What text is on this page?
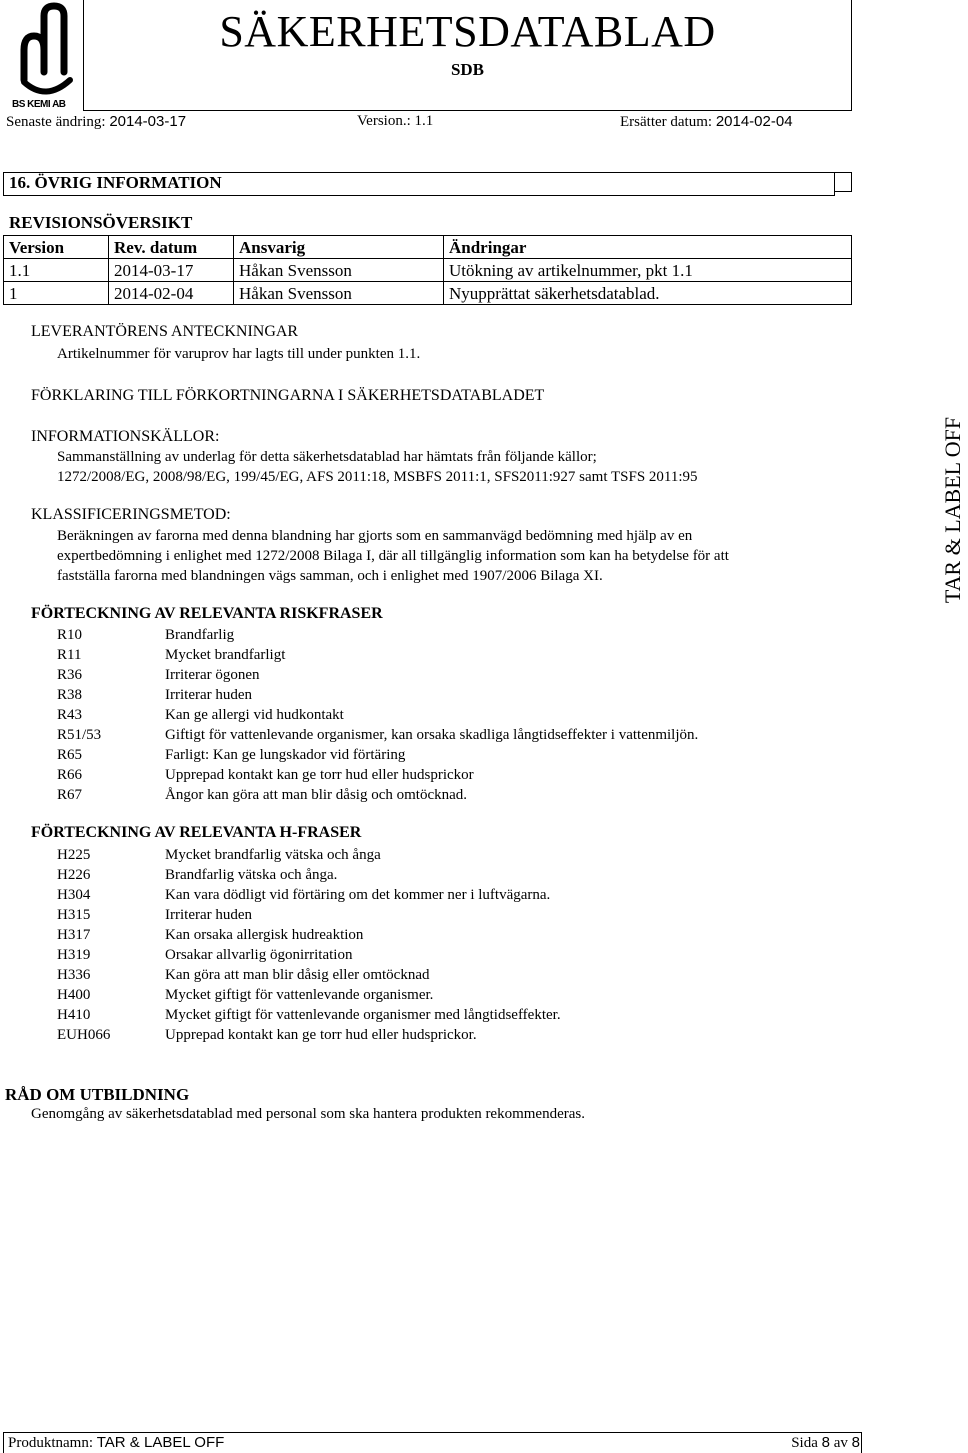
BS KEMI AB
SÄKERHETSDATABLAD
SDB
Senaste ändring: 2014-03-17	Version.: 1.1	Ersätter datum: 2014-02-04
16. ÖVRIG INFORMATION
REVISIONSÖVERSIKT
Version	Rev. datum	Ansvarig	Ändringar
1.1	2014-03-17	Håkan Svensson	Utökning av artikelnummer, pkt 1.1
1	2014-02-04	Håkan Svensson	Nyupprättat säkerhetsdatablad.
LEVERANTÖRENS ANTECKNINGAR
Artikelnummer för varuprov har lagts till under punkten 1.1.
FÖRKLARING TILL FÖRKORTNINGARNA I SÄKERHETSDATABLADET
INFORMATIONSKÄLLOR:
Sammanställning av underlag för detta säkerhetsdatablad har hämtats från följande källor;
1272/2008/EG, 2008/98/EG, 199/45/EG, AFS 2011:18, MSBFS 2011:1, SFS2011:927 samt TSFS 2011:95
KLASSIFICERINGSMETOD:
Beräkningen av farorna med denna blandning har gjorts som en sammanvägd bedömning med hjälp av en
expertbedömning i enlighet med 1272/2008 Bilaga I, där all tillgänglig information som kan ha betydelse för att
fastställa farorna med blandningen vägs samman, och i enlighet med 1907/2006 Bilaga XI.	TAR & LABEL OFF
FÖRTECKNING AV RELEVANTA RISKFRASER
R10	Brandfarlig
R11	Mycket brandfarligt
R36	Irriterar ögonen
R38	Irriterar huden
R43	Kan ge allergi vid hudkontakt
R51/53	Giftigt för vattenlevande organismer, kan orsaka skadliga långtidseffekter i vattenmiljön.
R65	Farligt: Kan ge lungskador vid förtäring
R66	Upprepad kontakt kan ge torr hud eller hudsprickor
R67	Ångor kan göra att man blir dåsig och omtöcknad.
FÖRTECKNING AV RELEVANTA H-FRASER
H225	Mycket brandfarlig vätska och ånga
H226	Brandfarlig vätska och ånga.
H304	Kan vara dödligt vid förtäring om det kommer ner i luftvägarna.
H315	Irriterar huden
H317	Kan orsaka allergisk hudreaktion
H319	Orsakar allvarlig ögonirritation
H336	Kan göra att man blir dåsig eller omtöcknad
H400	Mycket giftigt för vattenlevande organismer.
H410	Mycket giftigt för vattenlevande organismer med långtidseffekter.
EUH066	Upprepad kontakt kan ge torr hud eller hudsprickor.
RÅD OM UTBILDNING
Genomgång av säkerhetsdatablad med personal som ska hantera produkten rekommenderas.
Produktnamn: TAR & LABEL OFF	Sida 8 av 8
